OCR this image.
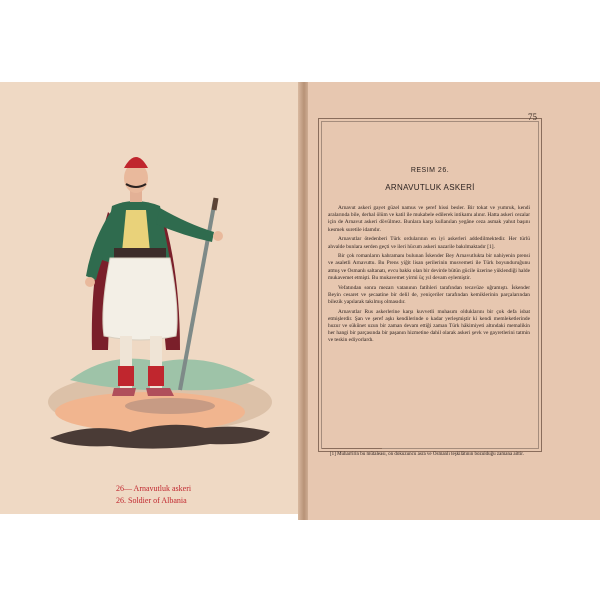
26— Arnavutluk askeri
26. Soldier of Albania
75
RESIM 26.
ARNAVUTLUK ASKERİ

Arnavut askeri gayet güzel namus ve şeref hissi besler. Bir tokat ve yumruk, kendi aralarında bile, derhal ölüm ve katil ile mukabele edilerek intikamı alınır. Hatta askeri cezalar için de Arnavut askeri dövülmez. Bunlara karşı kullanılan yegâne ceza asmak yahut başını kesmek suretile idamdır.

Arnavutlar ötedenberi Türk ordularının en iyi askerleri addedilmektedir. Her türlü ahvalde bunlara serden geçti ve ileri hücum askeri nazarile bakılmaktadır [1].

Bir çok romanların kahramanı bulunan İskender Bey Arnavutlukta bir nahiyenin prensi ve asaletli Arnavuttu. Bu Prens yiğit lisan şerilerinin musvemeti ile Türk boyunduruğunu atmış ve Osmanlı saltanatı, evcu bakkı olan bir devirde bütün gücile üzerine yüklendiği halde mukavemet etmişti. Bu mukavemet yirmi üç yıl devam eylemiştir.

Vefatından sonra mezarı vatanının fatihleri tarafından tecavüze uğramıştı. İskender Beyin cesaret ve şecaatine bir delil de, yeniçeriler tarafından kemiklerinin parçalarından bilezik yapılarak takılmış olmasıdır.

Arnavutlar Rus askerlerine karşı kuvvetli muhasım olduklarını bir çok defa isbat etmişlerdir. Şan ve şeref aşkı kendilerinde o kadar yerleşmiştir ki kendi memleketlerinde huzur ve sükûnet uzun bir zaman devam ettiği zaman Türk hâkimiyeti altındaki memalikin her hangi bir parçasında bir paşanın hizmetine dahil olarak askeri şevk ve gayretlerini tatmin ve teskin ediyorlardı.

[1] Muharririn bu mütaleası, on dokuzuncu asra ve Osmanlı teşkilâtının bozulduğu zamana aittir.
